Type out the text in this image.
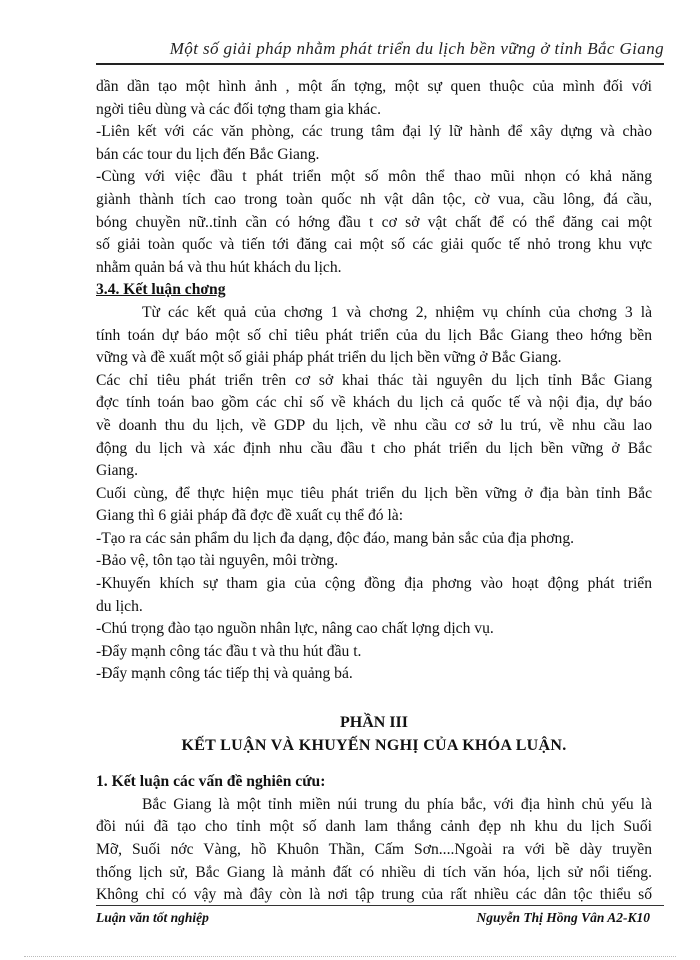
Một số giải pháp nhằm phát triển du lịch bền vững ở tỉnh Bắc Giang

dần dần tạo một hình ảnh , một ấn tợng, một sự quen thuộc của mình đối với

ngời tiêu dùng và các đối tợng tham gia khác.

-Liên kết với các văn phòng, các trung tâm đại lý lữ hành để xây dựng và chào

bán các tour du lịch đến Bắc Giang.

-Cùng với việc đầu t phát triển một số môn thể thao mũi nhọn có khả năng

giành thành tích cao trong toàn quốc nh vật dân tộc, cờ vua, cầu lông, đá cầu,

bóng chuyền nữ..tỉnh cần có hớng đầu t cơ sở vật chất để có thể đăng cai một

số giải toàn quốc và tiến tới đăng cai một số các giải quốc tế nhỏ trong khu vực

nhằm quản bá và thu hút khách du lịch.

3.4. Kết luận chơng

Từ các kết quả của chơng 1 và chơng 2, nhiệm vụ chính của chơng 3 là

tính toán dự báo một số chỉ tiêu phát triển của du lịch Bắc Giang theo hớng bền

vững và đề xuất một số giải pháp phát triển du lịch bền vững ở Bắc Giang.

Các chỉ tiêu phát triển trên cơ sở khai thác tài nguyên du lịch tỉnh Bắc Giang

đợc tính toán bao gồm các chỉ số về khách du lịch cả quốc tế và nội địa, dự báo

về doanh thu du lịch, về GDP du lịch, về nhu cầu cơ sở lu trú, về nhu cầu lao

động du lịch và xác định nhu cầu đầu t cho phát triển du lịch bền vững ở Bắc

Giang.

Cuối cùng, để thực hiện mục tiêu phát triển du lịch bền vững ở địa bàn tỉnh Bắc

Giang thì 6 giải pháp đã đợc đề xuất cụ thể đó là:

-Tạo ra các sản phẩm du lịch đa dạng, độc đáo, mang bản sắc của địa phơng.

-Bảo vệ, tôn tạo tài nguyên, môi trờng.

-Khuyến khích sự tham gia của cộng đồng địa phơng vào hoạt động phát triển

du lịch.

-Chú trọng đào tạo nguồn nhân lực, nâng cao chất lợng dịch vụ.

-Đẩy mạnh công tác đầu t và thu hút đầu t.

-Đẩy mạnh công tác tiếp thị và quảng bá.

PHẦN III
KẾT LUẬN VÀ KHUYẾN NGHỊ CỦA KHÓA LUẬN.

1. Kết luận các vấn đề nghiên cứu:

Bắc Giang là một tỉnh miền núi trung du phía bắc, với địa hình chủ yếu là

đồi núi đã tạo cho tỉnh một số danh lam thắng cảnh đẹp nh khu du lịch Suối

Mỡ, Suối nớc Vàng, hồ Khuôn Thần, Cấm Sơn....Ngoài ra với bề dày truyền

thống lịch sử, Bắc Giang là mảnh đất có nhiều di tích văn hóa, lịch sử nổi tiếng.

Không chỉ có vậy mà đây còn là nơi tập trung của rất nhiều các dân tộc thiểu số

Luận văn tốt nghiệp	Nguyễn Thị Hồng Vân A2-K10
